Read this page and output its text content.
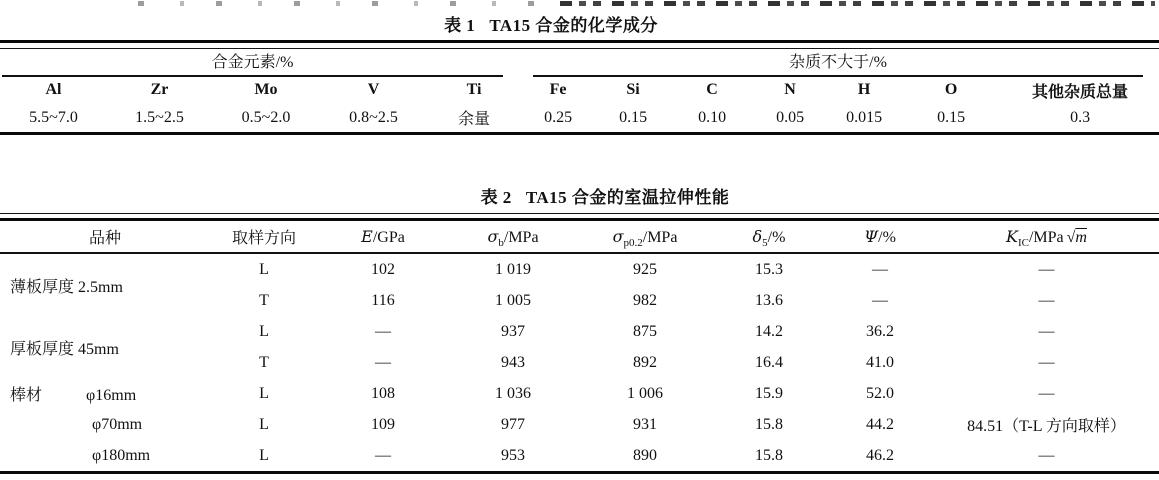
表 1 TA15 合金的化学成分
合金元素/%					杂质不大于/%						

Al	Zr	Mo	V	Ti	Fe	Si	C	N	H	O	其他杂质总量
5.5~7.0	1.5~2.5	0.5~2.0	0.8~2.5	余量	0.25	0.15	0.10	0.05	0.015	0.15	0.3
表 2 TA15 合金的室温拉伸性能
品种	取样方向	E/GPa	$\sigma_b$/MPa	$\sigma_{p0.2}$/MPa	$\delta_5/\%$	Ψ/%	$K_{IC}$/MPa √m
薄板厚度 2.5mm	L	102	1 019	925	15.3	—	—
	T	116	1 005	982	13.6	—	—
厚板厚度 45mm	L	—	937	875	14.2	36.2	—
	T	—	943	892	16.4	41.0	—
棒材 φ16mm	L	108	1 036	1 006	15.9	52.0	—
φ70mm	L	109	977	931	15.8	44.2	84.51（T-L 方向取样）
φ180mm	L	—	953	890	15.8	46.2	—
